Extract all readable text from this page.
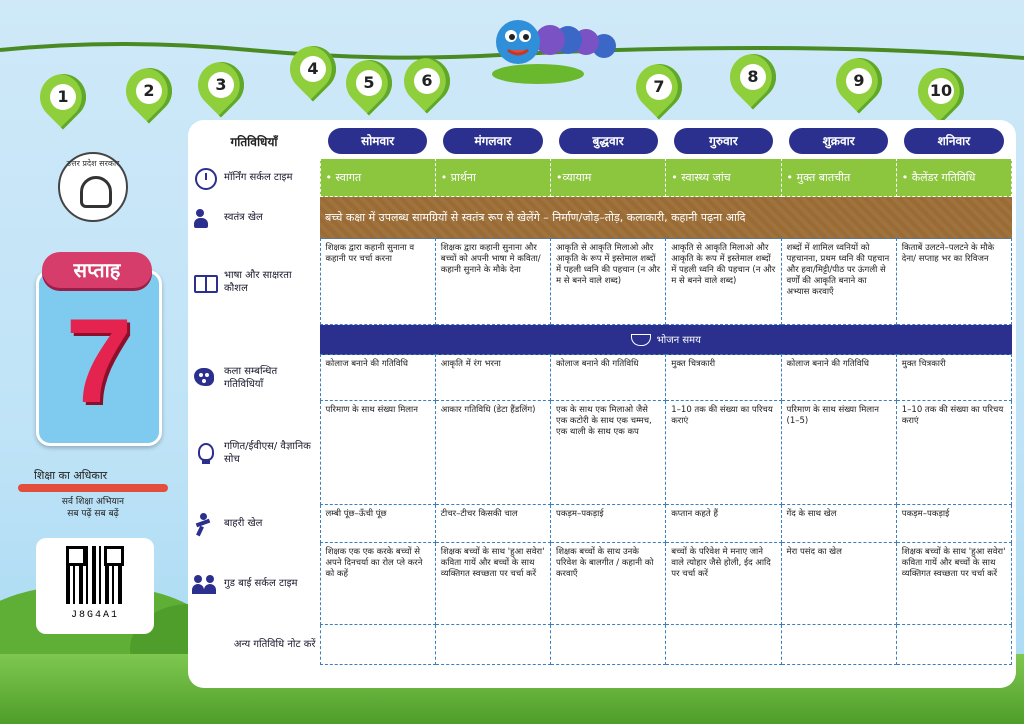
1	2	3
4
5	6	7
8	9
10
उत्तर प्रदेश सरकार
7
सप्ताह
शिक्षा का अधिकार
सर्व शिक्षा अभियान
सब पढ़ें सब बढ़ें
J8G4A1
गतिविधियाँ	सोमवार	मंगलवार	बुद्धवार	गुरुवार	शुक्रवार	शनिवार

मॉर्निंग सर्कल टाइम	• स्वागत	• प्रार्थना	•व्यायाम	• स्वास्थ्य जांच	• मुक्त बातचीत	• कैलेंडर गतिविधि

स्वतंत्र खेल	बच्चे कक्षा में उपलब्ध सामग्रियों से स्वतंत्र रूप से खेलेंगे – निर्माण/जोड़–तोड़, कलाकारी, कहानी पढ़ना आदि					

भाषा और साक्षरता कौशल	शिक्षक द्वारा कहानी सुनाना व कहानी पर चर्चा करना	शिक्षक द्वारा कहानी सुनाना और बच्चों को अपनी भाषा मे कविता/कहानी सुनाने के मौके देना	आकृति से आकृति मिलाओ और आकृति के रूप में इस्तेमाल शब्दों में पहली ध्वनि की पहचान (न और म से बनने वाले शब्द)	आकृति से आकृति मिलाओ और आकृति के रूप में इस्तेमाल शब्दों में पहली ध्वनि की पहचान (न और म से बनने वाले शब्द)	शब्दों में शामिल ध्वनियों को पहचानना, प्रथम ध्वनि की पहचान और हवा/मिट्टी/पीठ पर ऊंगली से वर्णों की आकृति बनाने का अभ्यास करवाएँ	किताबें उलटने–पलटने के मौके देना/ सप्ताह भर का रिविजन
	भोजन समय					

कला सम्बन्धित गतिविधियाँ	कोलाज बनाने की गतिविधि	आकृति में रंग भरना	कोलाज बनाने की गतिविधि	मुक्त चित्रकारी	कोलाज बनाने की गतिविधि	मुक्त चित्रकारी

गणित/ईवीएस/ वैज्ञानिक सोच	परिमाण के साथ संख्या मिलान	आकार गतिविधि (डेटा हैंडलिंग)	एक के साथ एक मिलाओ जैसे एक कटोरी के साथ एक चम्मच, एक थाली के साथ एक कप	1–10 तक की संख्या का परिचय कराएं	परिमाण के साथ संख्या मिलान (1–5)	1–10 तक की संख्या का परिचय कराएं

बाहरी खेल	लम्बी पूंछ–ऊँची पूंछ	टीचर–टीचर किसकी चाल	पकड़म–पकड़ाई	कप्तान कहते हैं	गेंद के साथ खेल	पकड़म–पकड़ाई

गुड बाई सर्कल टाइम	शिक्षक एक एक करके बच्चों से अपने दिनचर्या का रोल प्ले करने को कहें	शिक्षक बच्चों के साथ 'हुआ सवेरा' कविता गायें और बच्चों के साथ व्यक्तिगत स्वच्छता पर चर्चा करें	शिक्षक बच्चों के साथ उनके परिवेश के बालगीत / कहानी को करवाएँ	बच्चों के परिवेश मे मनाए जाने वाले त्योहार जैसे होली, ईद आदि पर चर्चा करें	मेरा पसंद का खेल	शिक्षक बच्चों के साथ 'हुआ सवेरा' कविता गायें और बच्चों के साथ व्यक्तिगत स्वच्छता पर चर्चा करें

अन्य गतिविधि नोट करें						
